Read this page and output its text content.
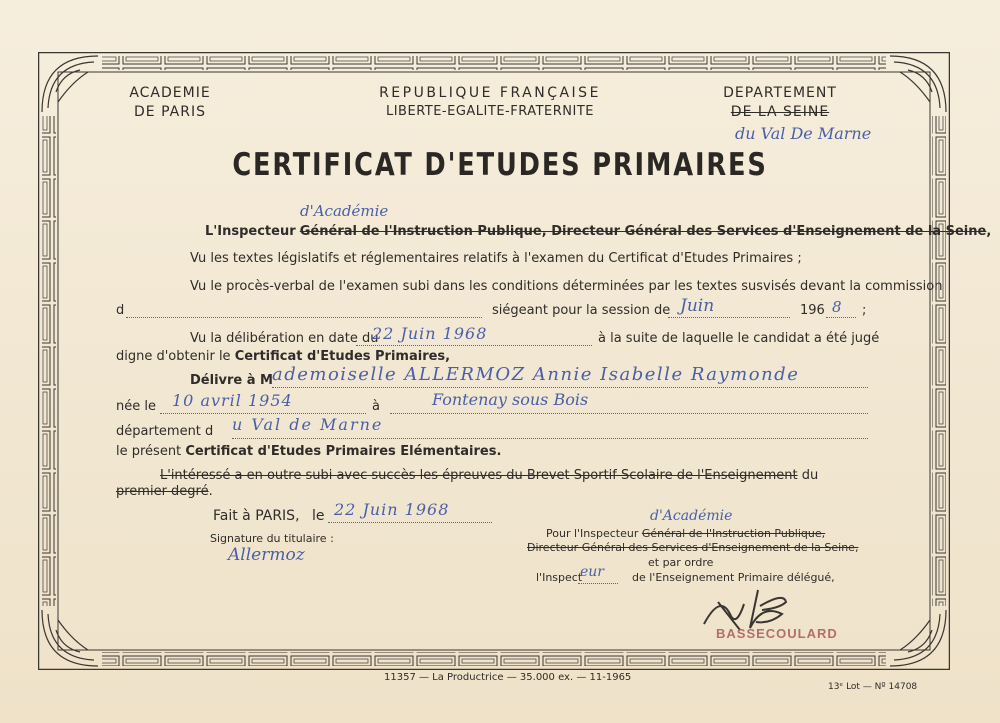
ACADEMIE
DE PARIS
REPUBLIQUE FRANÇAISE
LIBERTE-EGALITE-FRATERNITE
DEPARTEMENT
DE LA SEINE
du Val De Marne
CERTIFICAT D'ETUDES PRIMAIRES
d'Académie
L'Inspecteur Général de l'Instruction Publique, Directeur Général des Services d'Enseignement de la Seine,
Vu les textes législatifs et réglementaires relatifs à l'examen du Certificat d'Etudes Primaires ;
Vu le procès-verbal de l'examen subi dans les conditions déterminées par les textes susvisés devant la commission
d	siégeant pour la session de Juin	196 8 ;
Vu la délibération en date du
22 Juin 1968	à la suite de laquelle le candidat a été jugé
digne d'obtenir le Certificat d'Etudes Primaires,
Délivre à M ademoiselle ALLERMOZ Annie Isabelle Raymonde
née le 10 avril 1954	à	Fontenay sous Bois
département d u Val de Marne
le présent Certificat d'Etudes Primaires Elémentaires.
L'intéressé a en outre subi avec succès les épreuves du Brevet Sportif Scolaire de l'Enseignement du
premier degré.
Fait à PARIS, le 22 Juin 1968
Signature du titulaire :
Allermoz
d'Académie
Pour l'Inspecteur Général de l'Instruction Publique,
Directeur Général des Services d'Enseignement de la Seine,
et par ordre
l'Inspect
eur	de l'Enseignement Primaire délégué,
BASSECOULARD
11357 — La Productrice — 35.000 ex. — 11-1965
13ᵉ Lot — Nº 14708
